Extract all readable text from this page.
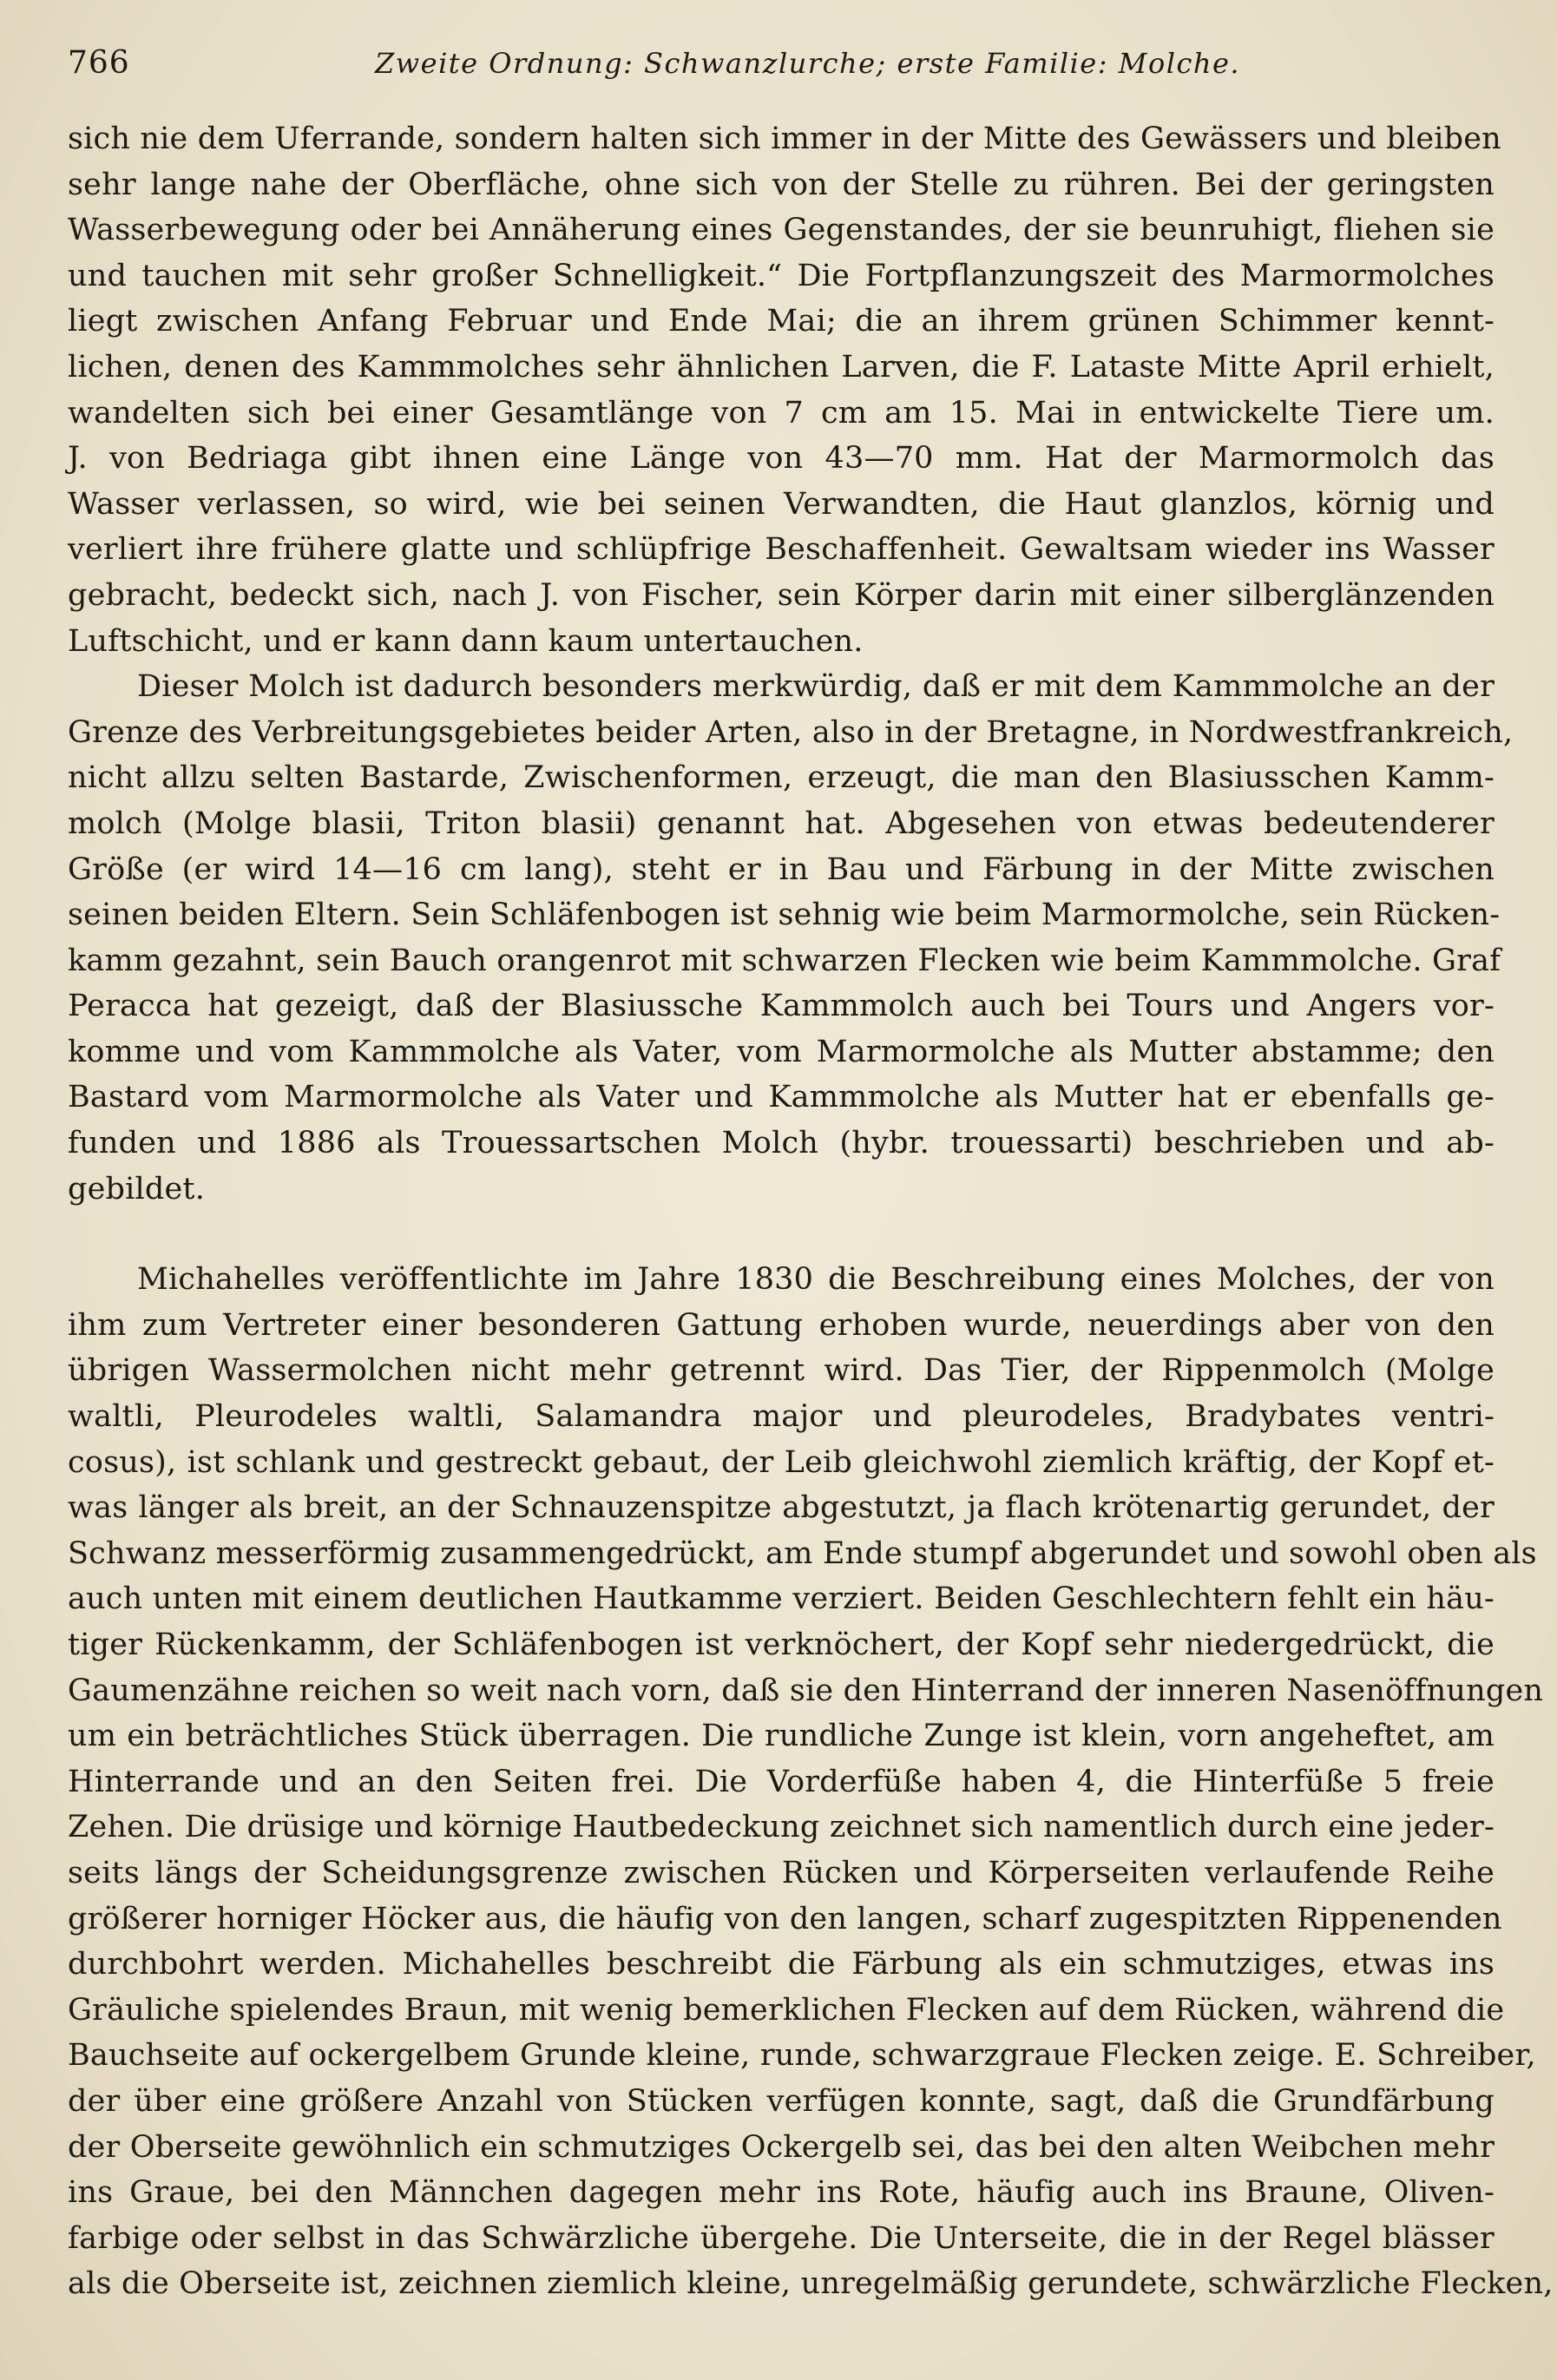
766	Zweite Ordnung: Schwanzlurche; erste Familie: Molche.
sich nie dem Uferrande, sondern halten sich immer in der Mitte des Gewässers und bleiben
sehr lange nahe der Oberfläche, ohne sich von der Stelle zu rühren. Bei der geringsten
Wasserbewegung oder bei Annäherung eines Gegenstandes, der sie beunruhigt, fliehen sie
und tauchen mit sehr großer Schnelligkeit.“ Die Fortpflanzungszeit des Marmormolches
liegt zwischen Anfang Februar und Ende Mai; die an ihrem grünen Schimmer kennt-
lichen, denen des Kammmolches sehr ähnlichen Larven, die F. Lataste Mitte April erhielt,
wandelten sich bei einer Gesamtlänge von 7 cm am 15. Mai in entwickelte Tiere um.
J. von Bedriaga gibt ihnen eine Länge von 43—70 mm. Hat der Marmormolch das
Wasser verlassen, so wird, wie bei seinen Verwandten, die Haut glanzlos, körnig und
verliert ihre frühere glatte und schlüpfrige Beschaffenheit. Gewaltsam wieder ins Wasser
gebracht, bedeckt sich, nach J. von Fischer, sein Körper darin mit einer silberglänzenden
Luftschicht, und er kann dann kaum untertauchen.
Dieser Molch ist dadurch besonders merkwürdig, daß er mit dem Kammmolche an der
Grenze des Verbreitungsgebietes beider Arten, also in der Bretagne, in Nordwestfrankreich,
nicht allzu selten Bastarde, Zwischenformen, erzeugt, die man den Blasiusschen Kamm-
molch (Molge blasii, Triton blasii) genannt hat. Abgesehen von etwas bedeutenderer
Größe (er wird 14—16 cm lang), steht er in Bau und Färbung in der Mitte zwischen
seinen beiden Eltern. Sein Schläfenbogen ist sehnig wie beim Marmormolche, sein Rücken-
kamm gezahnt, sein Bauch orangenrot mit schwarzen Flecken wie beim Kammmolche. Graf
Peracca hat gezeigt, daß der Blasiussche Kammmolch auch bei Tours und Angers vor-
komme und vom Kammmolche als Vater, vom Marmormolche als Mutter abstamme; den
Bastard vom Marmormolche als Vater und Kammmolche als Mutter hat er ebenfalls ge-
funden und 1886 als Trouessartschen Molch (hybr. trouessarti) beschrieben und ab-
gebildet.
Michahelles veröffentlichte im Jahre 1830 die Beschreibung eines Molches, der von
ihm zum Vertreter einer besonderen Gattung erhoben wurde, neuerdings aber von den
übrigen Wassermolchen nicht mehr getrennt wird. Das Tier, der Rippenmolch (Molge
waltli, Pleurodeles waltli, Salamandra major und pleurodeles, Bradybates ventri-
cosus), ist schlank und gestreckt gebaut, der Leib gleichwohl ziemlich kräftig, der Kopf et-
was länger als breit, an der Schnauzenspitze abgestutzt, ja flach krötenartig gerundet, der
Schwanz messerförmig zusammengedrückt, am Ende stumpf abgerundet und sowohl oben als
auch unten mit einem deutlichen Hautkamme verziert. Beiden Geschlechtern fehlt ein häu-
tiger Rückenkamm, der Schläfenbogen ist verknöchert, der Kopf sehr niedergedrückt, die
Gaumenzähne reichen so weit nach vorn, daß sie den Hinterrand der inneren Nasenöffnungen
um ein beträchtliches Stück überragen. Die rundliche Zunge ist klein, vorn angeheftet, am
Hinterrande und an den Seiten frei. Die Vorderfüße haben 4, die Hinterfüße 5 freie
Zehen. Die drüsige und körnige Hautbedeckung zeichnet sich namentlich durch eine jeder-
seits längs der Scheidungsgrenze zwischen Rücken und Körperseiten verlaufende Reihe
größerer horniger Höcker aus, die häufig von den langen, scharf zugespitzten Rippenenden
durchbohrt werden. Michahelles beschreibt die Färbung als ein schmutziges, etwas ins
Gräuliche spielendes Braun, mit wenig bemerklichen Flecken auf dem Rücken, während die
Bauchseite auf ockergelbem Grunde kleine, runde, schwarzgraue Flecken zeige. E. Schreiber,
der über eine größere Anzahl von Stücken verfügen konnte, sagt, daß die Grundfärbung
der Oberseite gewöhnlich ein schmutziges Ockergelb sei, das bei den alten Weibchen mehr
ins Graue, bei den Männchen dagegen mehr ins Rote, häufig auch ins Braune, Oliven-
farbige oder selbst in das Schwärzliche übergehe. Die Unterseite, die in der Regel blässer
als die Oberseite ist, zeichnen ziemlich kleine, unregelmäßig gerundete, schwärzliche Flecken,
